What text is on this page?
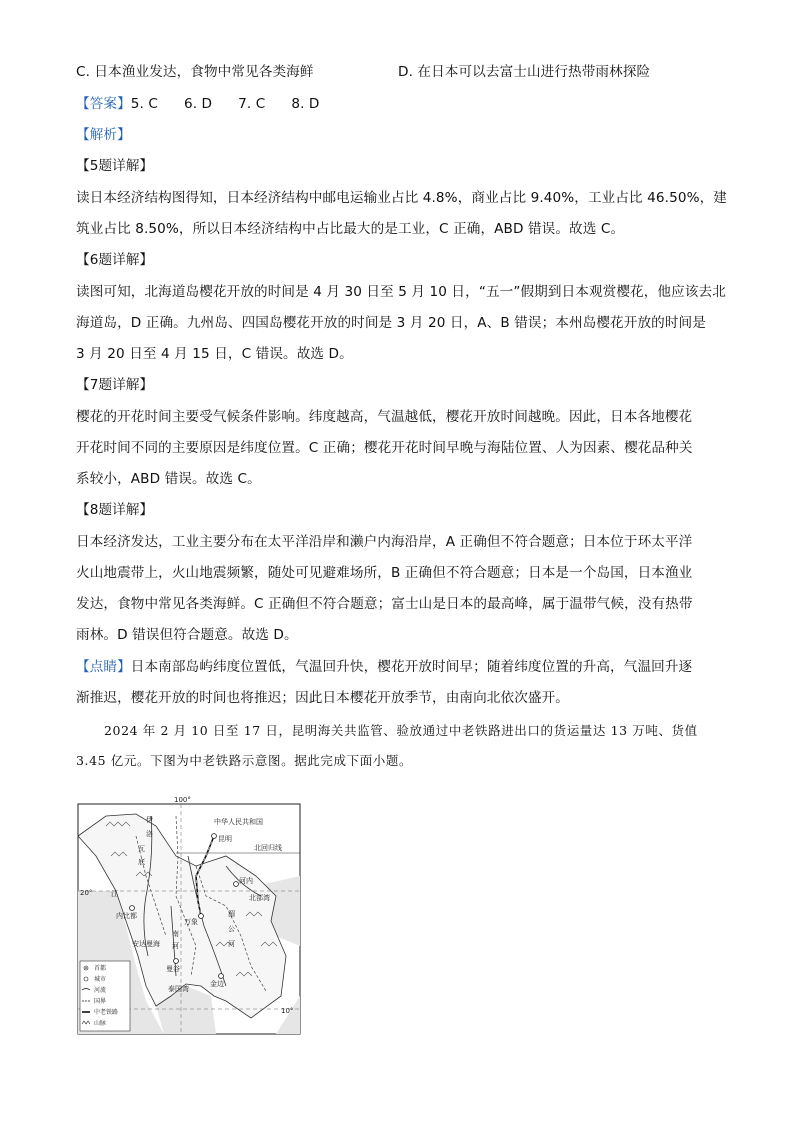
C. 日本渔业发达，食物中常见各类海鲜	D. 在日本可以去富士山进行热带雨林探险
【答案】5. C 6. D 7. C 8. D
【解析】
【5题详解】
读日本经济结构图得知，日本经济结构中邮电运输业占比 4.8%，商业占比 9.40%，工业占比 46.50%，建
筑业占比 8.50%，所以日本经济结构中占比最大的是工业，C 正确，ABD 错误。故选 C。
【6题详解】
读图可知，北海道岛樱花开放的时间是 4 月 30 日至 5 月 10 日，“五一”假期到日本观赏樱花，他应该去北
海道岛，D 正确。九州岛、四国岛樱花开放的时间是 3 月 20 日，A、B 错误；本州岛樱花开放的时间是
3 月 20 日至 4 月 15 日，C 错误。故选 D。
【7题详解】
樱花的开花时间主要受气候条件影响。纬度越高，气温越低，樱花开放时间越晚。因此，日本各地樱花
开花时间不同的主要原因是纬度位置。C 正确；樱花开花时间早晚与海陆位置、人为因素、樱花品种关
系较小，ABD 错误。故选 C。
【8题详解】
日本经济发达，工业主要分布在太平洋沿岸和濑户内海沿岸，A 正确但不符合题意；日本位于环太平洋
火山地震带上，火山地震频繁，随处可见避难场所，B 正确但不符合题意；日本是一个岛国，日本渔业
发达，食物中常见各类海鲜。C 正确但不符合题意；富士山是日本的最高峰，属于温带气候，没有热带
雨林。D 错误但符合题意。故选 D。
【点睛】日本南部岛屿纬度位置低，气温回升快，樱花开放时间早；随着纬度位置的升高，气温回升逐
渐推迟，樱花开放的时间也将推迟；因此日本樱花开放季节，由南向北依次盛开。
2024 年 2 月 10 日至 17 日，昆明海关共监管、验放通过中老铁路进出口的货运量达 13 万吨、货值
3.45 亿元。下图为中老铁路示意图。据此完成下面小题。
100°
20°
10°
中华人民共和国
北回归线
昆明
万象
曼谷
金边
河内
内比都
伊
洛
瓦
底
江
湄
公
河
南
河
北部湾
泰国湾
安达曼海
首都
城市
河流
国界
中老铁路
山脉
